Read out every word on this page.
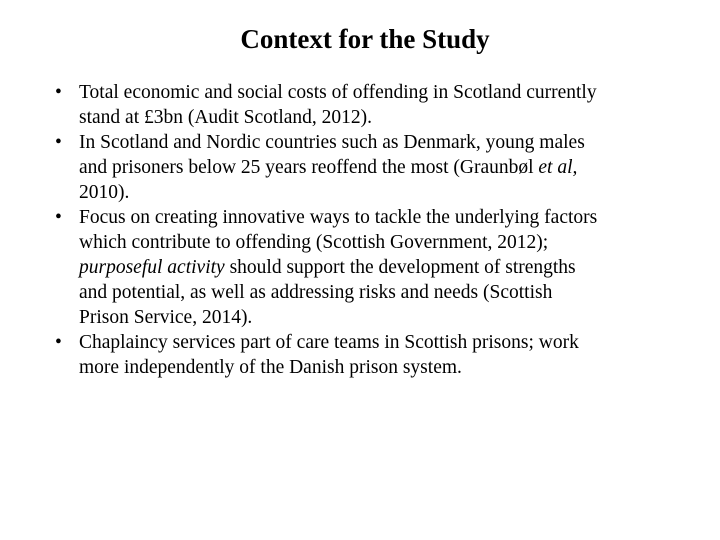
Context for the Study
• Total economic and social costs of offending in Scotland currently
stand at £3bn (Audit Scotland, 2012).
• In Scotland and Nordic countries such as Denmark, young males
and prisoners below 25 years reoffend the most (Graunbøl et al,
2010).
• Focus on creating innovative ways to tackle the underlying factors
which contribute to offending (Scottish Government, 2012);
purposeful activity should support the development of strengths
and potential, as well as addressing risks and needs (Scottish
Prison Service, 2014).
• Chaplaincy services part of care teams in Scottish prisons; work
more independently of the Danish prison system.
